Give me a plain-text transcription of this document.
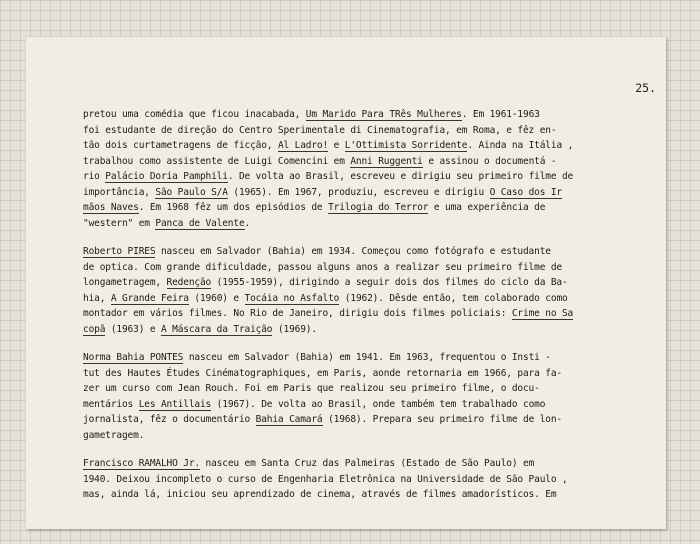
25.
pretou uma comédia que ficou inacabada, Um Marido Para TRês Mulheres. Em 1961-1963
foi estudante de direção do Centro Sperimentale di Cinematografia, em Roma, e fêz en-
tão dois curtametragens de ficção, Al Ladro! e L'Ottimista Sorridente. Ainda na Itália ,
trabalhou como assistente de Luigi Comencini em Anni Ruggenti e assinou o documentá -
rio Palácio Doria Pamphili. De volta ao Brasil, escreveu e dirigiu seu primeiro filme de
importância, São Paulo S/A (1965). Em 1967, produziu, escreveu e dirigiu O Caso dos Ir
mãos Naves. Em 1968 fêz um dos episódios de Trilogia do Terror e uma experiência de
"western" em Panca de Valente.
Roberto PIRES nasceu em Salvador (Bahia) em 1934. Começou como fotógrafo e estudante
de optica. Com grande dificuldade, passou alguns anos a realizar seu primeiro filme de
longametragem, Redenção (1955-1959), dirigindo a seguir dois dos filmes do ciclo da Ba-
hia, A Grande Feira (1960) e Tocáia no Asfalto (1962). Dêsde então, tem colaborado como
montador em vários filmes. No Rio de Janeiro, dirigiu dois filmes policiais: Crime no Sa
copã (1963) e A Máscara da Traição (1969).
Norma Bahia PONTES nasceu em Salvador (Bahia) em 1941. Em 1963, frequentou o Insti -
tut des Hautes Études Cinématographiques, em Paris, aonde retornaria em 1966, para fa-
zer um curso com Jean Rouch. Foi em Paris que realizou seu primeiro filme, o docu-
mentários Les Antillais (1967). De volta ao Brasil, onde também tem trabalhado como
jornalista, fêz o documentário Bahia Camará (1968). Prepara seu primeiro filme de lon-
gametragem.
Francisco RAMALHO Jr. nasceu em Santa Cruz das Palmeiras (Estado de São Paulo) em
1940. Deixou incompleto o curso de Engenharia Eletrônica na Universidade de São Paulo ,
mas, ainda lá, iniciou seu aprendizado de cinema, através de filmes amadorísticos. Em
